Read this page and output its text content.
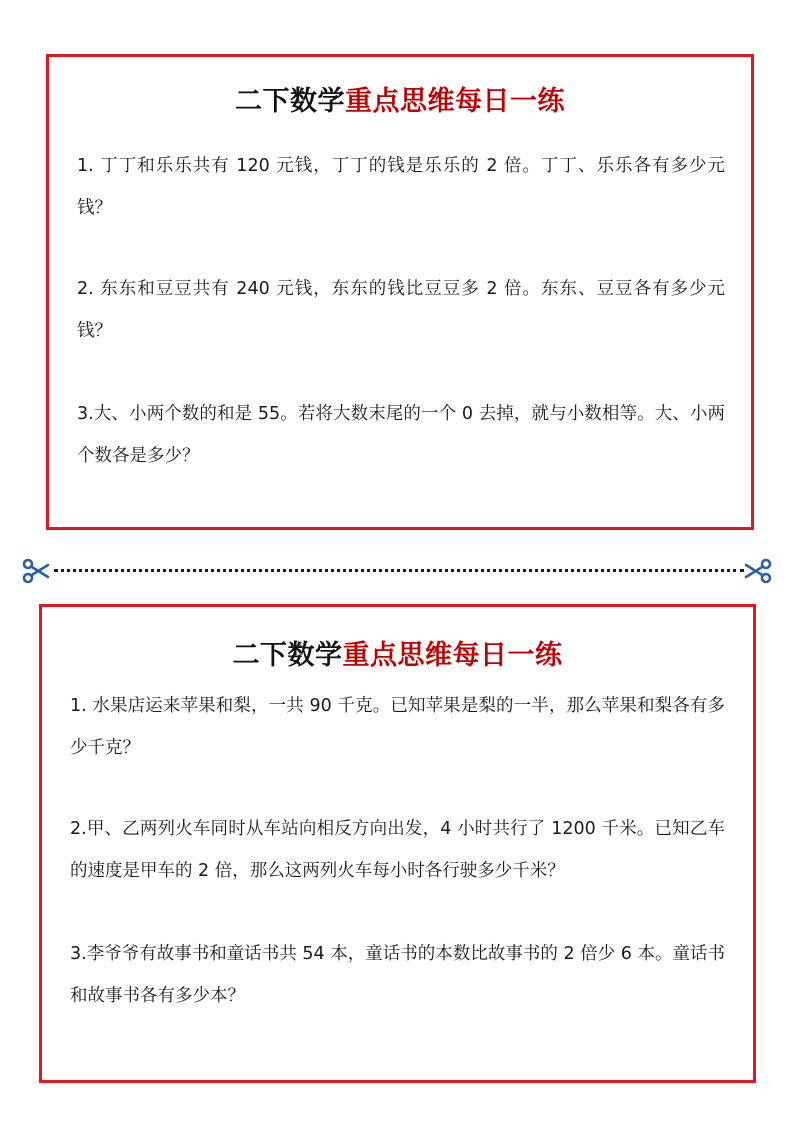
二下数学重点思维每日一练
1. 丁丁和乐乐共有 120 元钱，丁丁的钱是乐乐的 2 倍。丁丁、乐乐各有多少元钱？
2. 东东和豆豆共有 240 元钱，东东的钱比豆豆多 2 倍。东东、豆豆各有多少元钱？
3.大、小两个数的和是 55。若将大数末尾的一个 0 去掉，就与小数相等。大、小两个数各是多少？
二下数学重点思维每日一练
1. 水果店运来苹果和梨，一共 90 千克。已知苹果是梨的一半，那么苹果和梨各有多少千克？
2.甲、乙两列火车同时从车站向相反方向出发，4 小时共行了 1200 千米。已知乙车的速度是甲车的 2 倍，那么这两列火车每小时各行驶多少千米？
3.李爷爷有故事书和童话书共 54 本，童话书的本数比故事书的 2 倍少 6 本。童话书和故事书各有多少本？
